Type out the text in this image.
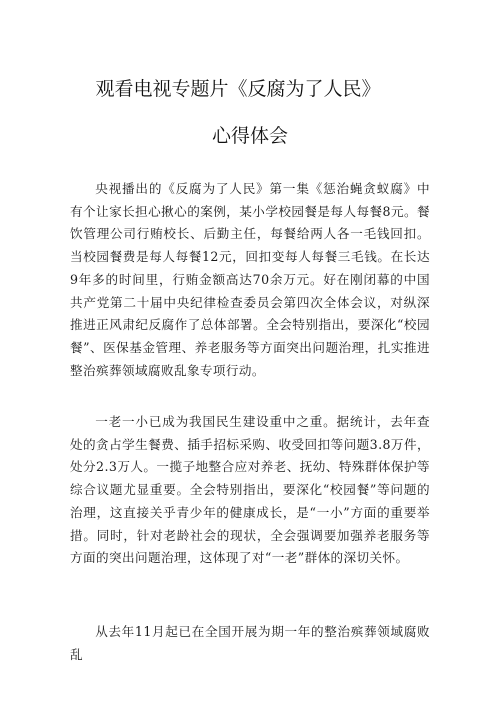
观看电视专题片《反腐为了人民》
心得体会

央视播出的《反腐为了人民》第一集《惩治蝇贪蚁腐》中有个让家长担心揪心的案例，某小学校园餐是每人每餐8元。餐饮管理公司行贿校长、后勤主任，每餐给两人各一毛钱回扣。当校园餐费是每人每餐12元，回扣变每人每餐三毛钱。在长达9年多的时间里，行贿金额高达70余万元。好在刚闭幕的中国共产党第二十届中央纪律检查委员会第四次全体会议，对纵深推进正风肃纪反腐作了总体部署。全会特别指出，要深化“校园餐”、医保基金管理、养老服务等方面突出问题治理，扎实推进整治殡葬领域腐败乱象专项行动。

一老一小已成为我国民生建设重中之重。据统计，去年查处的贪占学生餐费、插手招标采购、收受回扣等问题3.8万件，处分2.3万人。一揽子地整合应对养老、抚幼、特殊群体保护等综合议题尤显重要。全会特别指出，要深化“校园餐”等问题的治理，这直接关乎青少年的健康成长，是“一小”方面的重要举措。同时，针对老龄社会的现状，全会强调要加强养老服务等方面的突出问题治理，这体现了对“一老”群体的深切关怀。

从去年11月起已在全国开展为期一年的整治殡葬领域腐败乱
